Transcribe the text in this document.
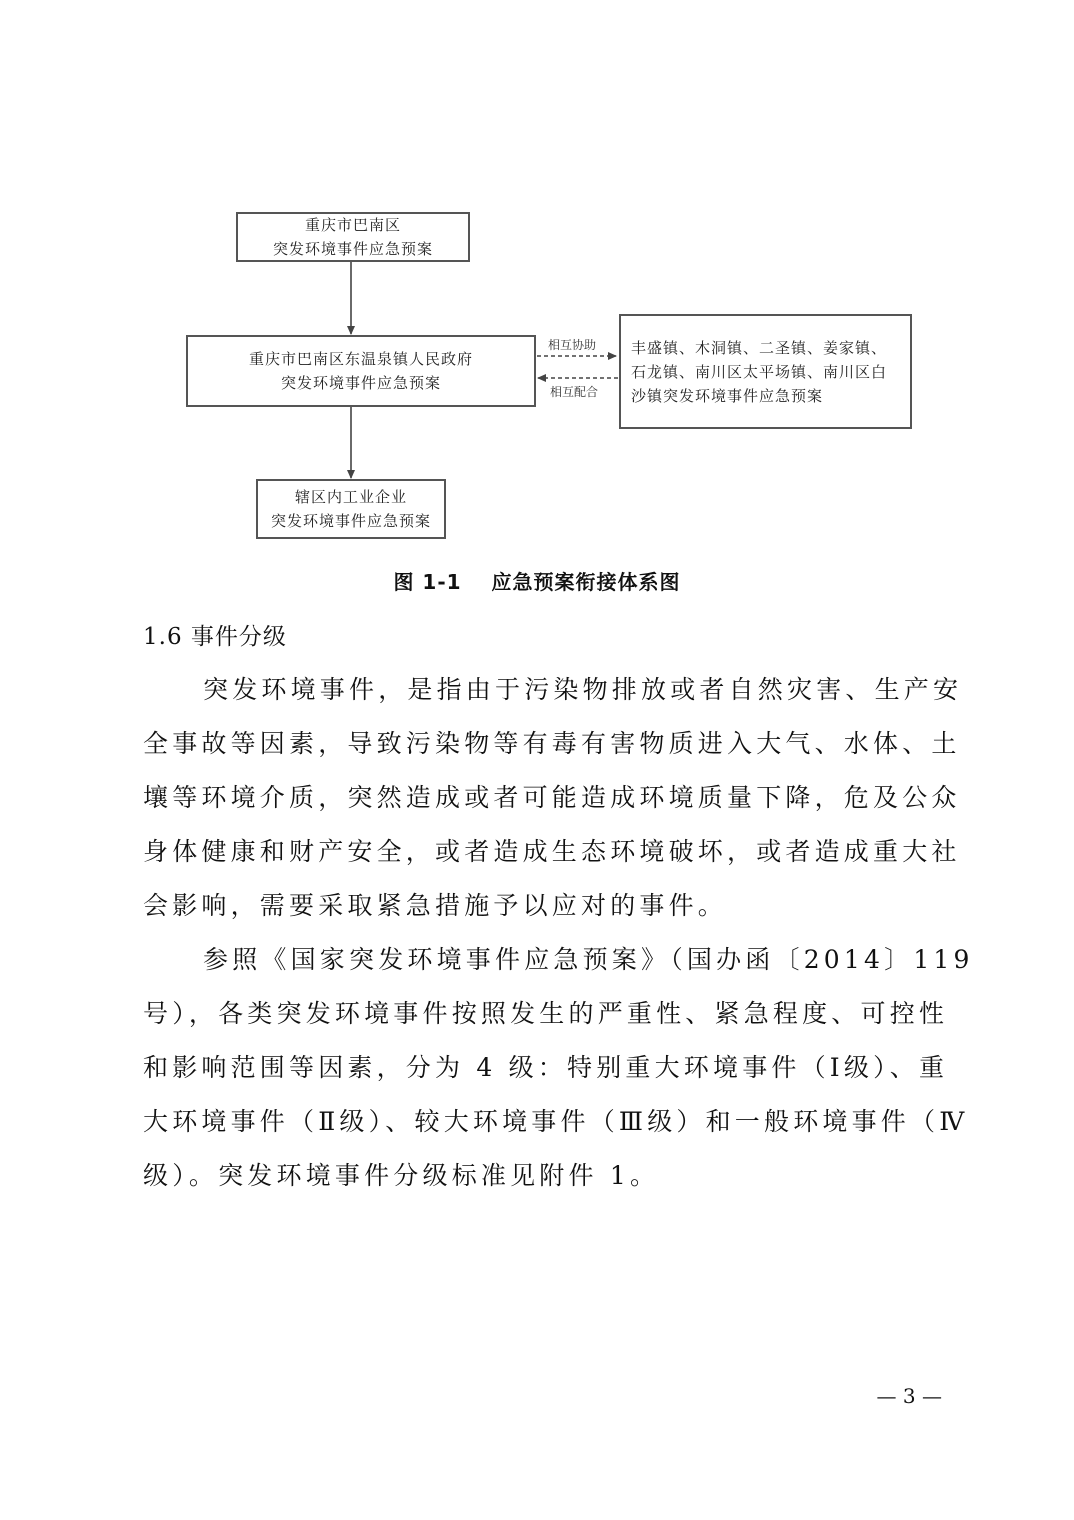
重庆市巴南区
突发环境事件应急预案
重庆市巴南区东温泉镇人民政府
突发环境事件应急预案
丰盛镇、木洞镇、二圣镇、姜家镇、
石龙镇、南川区太平场镇、南川区白
沙镇突发环境事件应急预案
辖区内工业企业
突发环境事件应急预案
相互协助
相互配合
图 1-1 应急预案衔接体系图
1.6 事件分级

突发环境事件，是指由于污染物排放或者自然灾害、生产安
全事故等因素，导致污染物等有毒有害物质进入大气、水体、土
壤等环境介质，突然造成或者可能造成环境质量下降，危及公众
身体健康和财产安全，或者造成生态环境破坏，或者造成重大社
会影响，需要采取紧急措施予以应对的事件。

参照《国家突发环境事件应急预案》（国办函〔2014〕119
号），各类突发环境事件按照发生的严重性、紧急程度、可控性
和影响范围等因素，分为 4 级：特别重大环境事件（Ⅰ级）、重
大环境事件（Ⅱ级）、较大环境事件（Ⅲ级）和一般环境事件（Ⅳ
级）。突发环境事件分级标准见附件 1。

— 3 —
